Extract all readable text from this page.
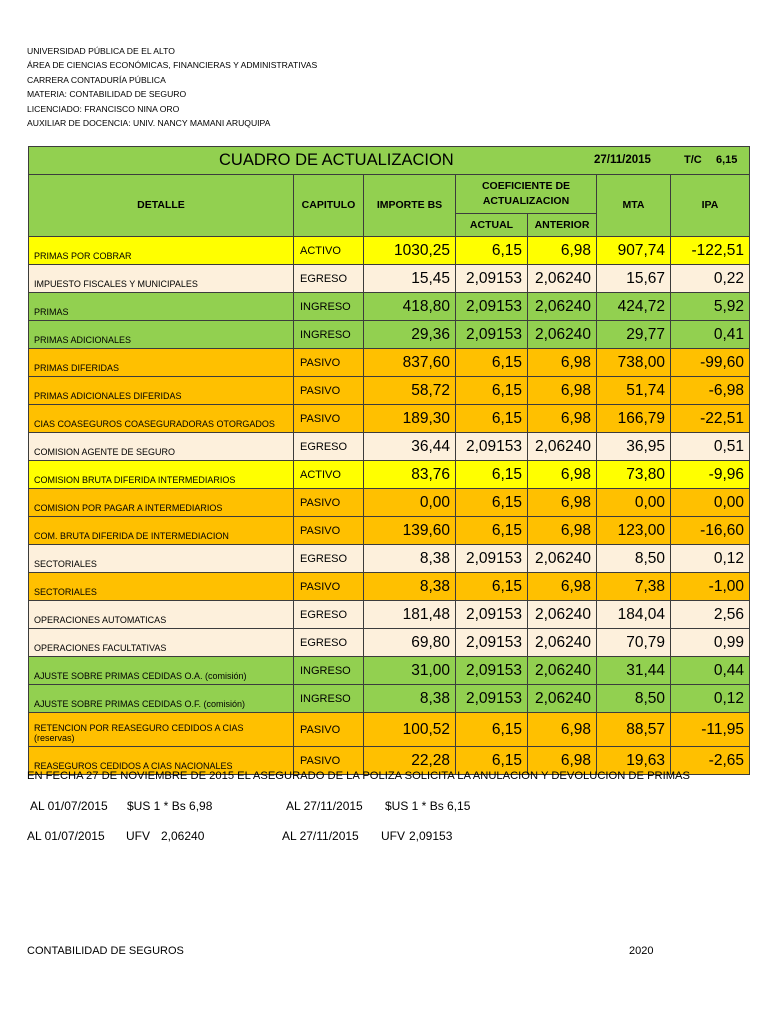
UNIVERSIDAD PÚBLICA DE EL ALTO
ÁREA DE CIENCIAS ECONÓMICAS, FINANCIERAS Y ADMINISTRATIVAS
CARRERA CONTADURÍA PÚBLICA
MATERIA: CONTABILIDAD DE SEGURO
LICENCIADO: FRANCISCO NINA ORO
AUXILIAR DE DOCENCIA: UNIV. NANCY MAMANI ARUQUIPA
CUADRO DE ACTUALIZACION 27/11/2015 T/C 6,15						

DETALLE	CAPITULO	IMPORTE BS	COEFICIENTE DE ACTUALIZACION		MTA	IPA
			ACTUAL	ANTERIOR		
PRIMAS POR COBRAR	ACTIVO	1030,25	6,15	6,98	907,74	-122,51
IMPUESTO FISCALES Y MUNICIPALES	EGRESO	15,45	2,09153	2,06240	15,67	0,22
PRIMAS	INGRESO	418,80	2,09153	2,06240	424,72	5,92
PRIMAS ADICIONALES	INGRESO	29,36	2,09153	2,06240	29,77	0,41
PRIMAS DIFERIDAS	PASIVO	837,60	6,15	6,98	738,00	-99,60
PRIMAS ADICIONALES DIFERIDAS	PASIVO	58,72	6,15	6,98	51,74	-6,98
CIAS COASEGUROS COASEGURADORAS OTORGADOS	PASIVO	189,30	6,15	6,98	166,79	-22,51
COMISION AGENTE DE SEGURO	EGRESO	36,44	2,09153	2,06240	36,95	0,51
COMISION BRUTA DIFERIDA INTERMEDIARIOS	ACTIVO	83,76	6,15	6,98	73,80	-9,96
COMISION POR PAGAR A INTERMEDIARIOS	PASIVO	0,00	6,15	6,98	0,00	0,00
COM. BRUTA DIFERIDA DE INTERMEDIACION	PASIVO	139,60	6,15	6,98	123,00	-16,60
SECTORIALES	EGRESO	8,38	2,09153	2,06240	8,50	0,12
SECTORIALES	PASIVO	8,38	6,15	6,98	7,38	-1,00
OPERACIONES AUTOMATICAS	EGRESO	181,48	2,09153	2,06240	184,04	2,56
OPERACIONES FACULTATIVAS	EGRESO	69,80	2,09153	2,06240	70,79	0,99
AJUSTE SOBRE PRIMAS CEDIDAS O.A. (comisión)	INGRESO	31,00	2,09153	2,06240	31,44	0,44
AJUSTE SOBRE PRIMAS CEDIDAS O.F. (comisión)	INGRESO	8,38	2,09153	2,06240	8,50	0,12
RETENCION POR REASEGURO CEDIDOS A CIAS
(reservas)	PASIVO	100,52	6,15	6,98	88,57	-11,95
REASEGUROS CEDIDOS A CIAS NACIONALES	PASIVO	22,28	6,15	6,98	19,63	-2,65
EN FECHA 27 DE NOVIEMBRE DE 2015 EL ASEGURADO DE LA POLIZA SOLICITA LA ANULACION Y DEVOLUCION DE PRIMAS
AL 01/07/2015 $US 1 * Bs 6,98	AL 27/11/2015 $US 1 * Bs 6,15
AL 01/07/2015 UFV 2,06240	AL 27/11/2015 UFV 2,09153
CONTABILIDAD DE SEGUROS	2020
